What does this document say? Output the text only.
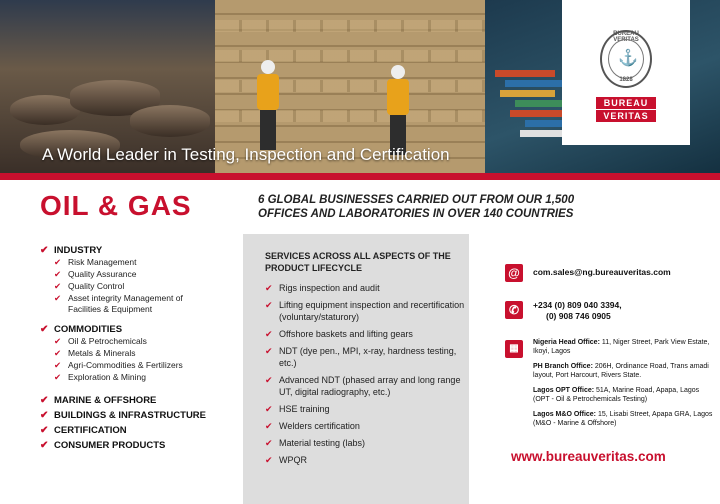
BUREAU VERITAS
⚓
1828
BUREAU
VERITAS
A World Leader in Testing, Inspection and Certification
OIL & GAS	6 GLOBAL BUSINESSES CARRIED OUT FROM OUR 1,500 OFFICES AND LABORATORIES IN OVER 140 COUNTRIES
✔ INDUSTRY
✔ Risk Management
✔ Quality Assurance
✔ Quality Control
✔ Asset integrity Management of Facilities & Equipment
✔ COMMODITIES
✔ Oil & Petrochemicals
✔ Metals & Minerals
✔ Agri-Commodities & Fertilizers
✔ Exploration & Mining
✔ MARINE & OFFSHORE
✔ BUILDINGS & INFRASTRUCTURE
✔ CERTIFICATION
✔ CONSUMER PRODUCTS
SERVICES ACROSS ALL ASPECTS OF THE PRODUCT LIFECYCLE
✔ Rigs inspection and audit
✔ Lifting equipment inspection and recertification (voluntary/staturory)
✔ Offshore baskets and lifting gears
✔ NDT (dye pen., MPI, x-ray, hardness testing, etc.)
✔ Advanced NDT (phased array and long range UT, digital radiography, etc.)
✔ HSE training
✔ Welders certification
✔ Material testing (labs)
✔ WPQR
@	com.sales@ng.bureauveritas.com
✆	+234 (0) 809 040 3394,
(0) 908 746 0905
▦
Nigeria Head Office: 11, Niger Street, Park View Estate, Ikoyi, Lagos
PH Branch Office: 206H, Ordinance Road, Trans amadi layout, Port Harcourt, Rivers State.
Lagos OPT Office: 51A, Marine Road, Apapa, Lagos (OPT - Oil & Petrochemicals Testing)
Lagos M&O Office: 15, Lisabi Street, Apapa GRA, Lagos (M&O - Marine & Offshore)
www.bureauveritas.com
